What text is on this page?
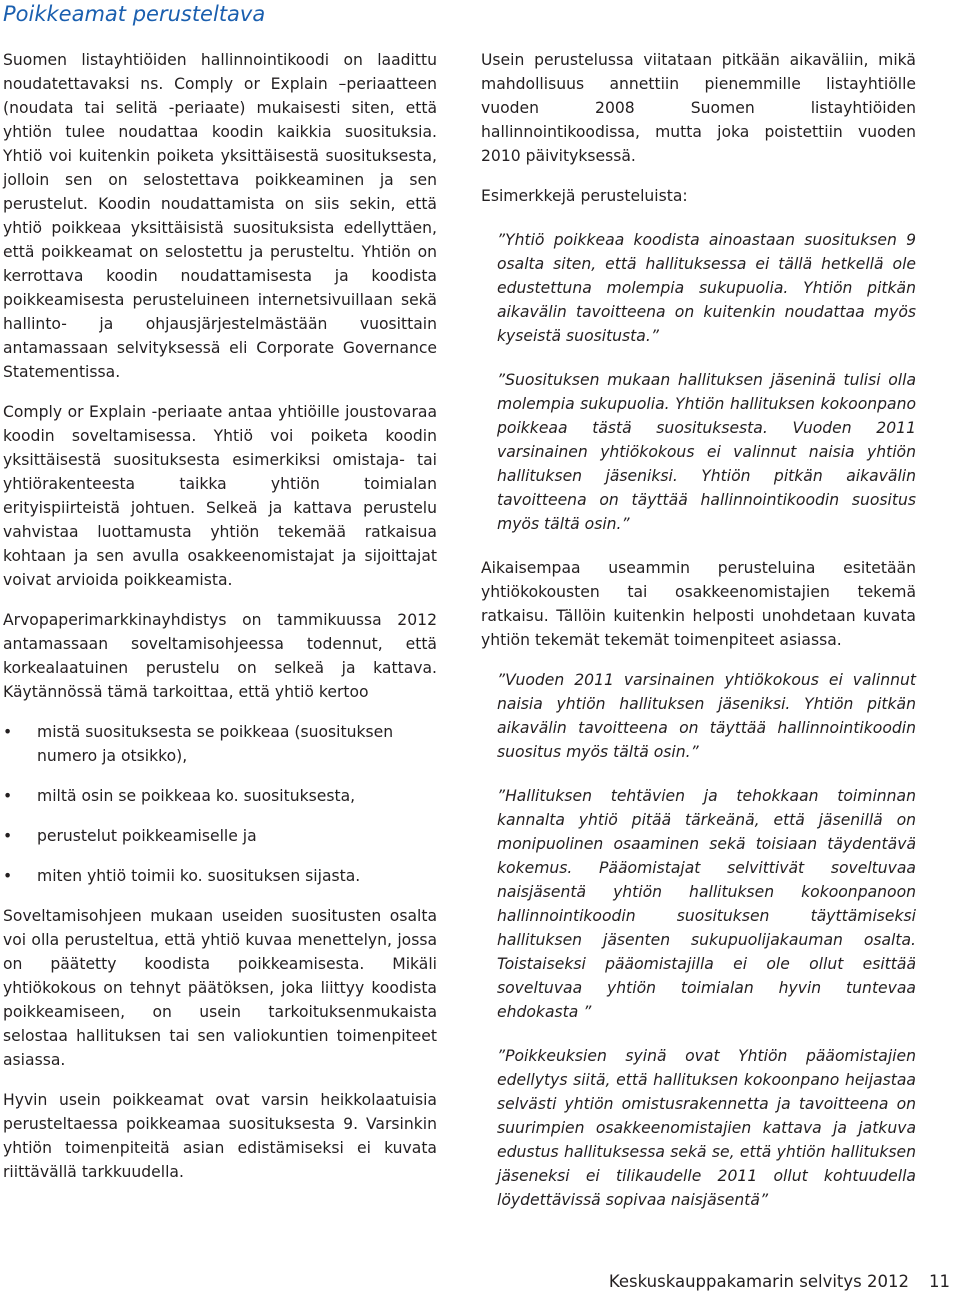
Poikkeamat perusteltava

Suomen listayhtiöiden hallinnointikoodi on laadittu noudatettavaksi ns. Comply or Explain –periaatteen (noudata tai selitä -periaate) mukaisesti siten, että yhtiön tulee noudattaa koodin kaikkia suosituksia. Yhtiö voi kuitenkin poiketa yksittäisestä suosituksesta, jolloin sen on selostettava poikkeaminen ja sen perustelut. Koodin noudattamista on siis sekin, että yhtiö poikkeaa yksittäisistä suosituksista edellyttäen, että poikkeamat on selostettu ja perusteltu. Yhtiön on kerrottava koodin noudattamisesta ja koodista poikkeamisesta perusteluineen internetsivuillaan sekä hallinto- ja ohjausjärjestelmästään vuosittain antamassaan selvityksessä eli Corporate Governance Statementissa.

Comply or Explain -periaate antaa yhtiöille joustovaraa koodin soveltamisessa. Yhtiö voi poiketa koodin yksittäisestä suosituksesta esimerkiksi omistaja- tai yhtiörakenteesta taikka yhtiön toimialan erityispiirteistä johtuen. Selkeä ja kattava perustelu vahvistaa luottamusta yhtiön tekemää ratkaisua kohtaan ja sen avulla osakkeenomistajat ja sijoittajat voivat arvioida poikkeamista.

Arvopaperimarkkinayhdistys on tammikuussa 2012 antamassaan soveltamisohjeessa todennut, että korkealaatuinen perustelu on selkeä ja kattava. Käytännössä tämä tarkoittaa, että yhtiö kertoo

• mistä suosituksesta se poikkeaa (suosituksen numero ja otsikko),
• miltä osin se poikkeaa ko. suosituksesta,
• perustelut poikkeamiselle ja
• miten yhtiö toimii ko. suosituksen sijasta.

Soveltamisohjeen mukaan useiden suositusten osalta voi olla perusteltua, että yhtiö kuvaa menettelyn, jossa on päätetty koodista poikkeamisesta. Mikäli yhtiökokous on tehnyt päätöksen, joka liittyy koodista poikkeamiseen, on usein tarkoituksenmukaista selostaa hallituksen tai sen valiokuntien toimenpiteet asiassa.

Hyvin usein poikkeamat ovat varsin heikkolaatuisia perusteltaessa poikkeamaa suosituksesta 9. Varsinkin yhtiön toimenpiteitä asian edistämiseksi ei kuvata riittävällä tarkkuudella.

Usein perustelussa viitataan pitkään aikaväliin, mikä mahdollisuus annettiin pienemmille listayhtiölle vuoden 2008 Suomen listayhtiöiden hallinnointikoodissa, mutta joka poistettiin vuoden 2010 päivityksessä.

Esimerkkejä perusteluista:

”Yhtiö poikkeaa koodista ainoastaan suosituksen 9 osalta siten, että hallituksessa ei tällä hetkellä ole edustettuna molempia sukupuolia. Yhtiön pitkän aikavälin tavoitteena on kuitenkin noudattaa myös kyseistä suositusta.”

”Suosituksen mukaan hallituksen jäseninä tulisi olla molempia sukupuolia. Yhtiön hallituksen kokoonpano poikkeaa tästä suosituksesta. Vuoden 2011 varsinainen yhtiökokous ei valinnut naisia yhtiön hallituksen jäseniksi. Yhtiön pitkän aikavälin tavoitteena on täyttää hallinnointikoodin suositus myös tältä osin.”

Aikaisempaa useammin perusteluina esitetään yhtiökokousten tai osakkeenomistajien tekemä ratkaisu. Tällöin kuitenkin helposti unohdetaan kuvata yhtiön tekemät tekemät toimenpiteet asiassa.

”Vuoden 2011 varsinainen yhtiökokous ei valinnut naisia yhtiön hallituksen jäseniksi. Yhtiön pitkän aikavälin tavoitteena on täyttää hallinnointikoodin suositus myös tältä osin.”

”Hallituksen tehtävien ja tehokkaan toiminnan kannalta yhtiö pitää tärkeänä, että jäsenillä on monipuolinen osaaminen sekä toisiaan täydentävä kokemus. Pääomistajat selvittivät soveltuvaa naisjäsentä yhtiön hallituksen kokoonpanoon hallinnointikoodin suosituksen täyttämiseksi hallituksen jäsenten sukupuolijakauman osalta. Toistaiseksi pääomistajilla ei ole ollut esittää soveltuvaa yhtiön toimialan hyvin tuntevaa ehdokasta ”

”Poikkeuksien syinä ovat Yhtiön pääomistajien edellytys siitä, että hallituksen kokoonpano heijastaa selvästi yhtiön omistusrakennetta ja tavoitteena on suurimpien osakkeenomistajien kattava ja jatkuva edustus hallituksessa sekä se, että yhtiön hallituksen jäseneksi ei tilikaudelle 2011 ollut kohtuudella löydettävissä sopivaa naisjäsentä”

Keskuskauppakamarin selvitys 2012 11
